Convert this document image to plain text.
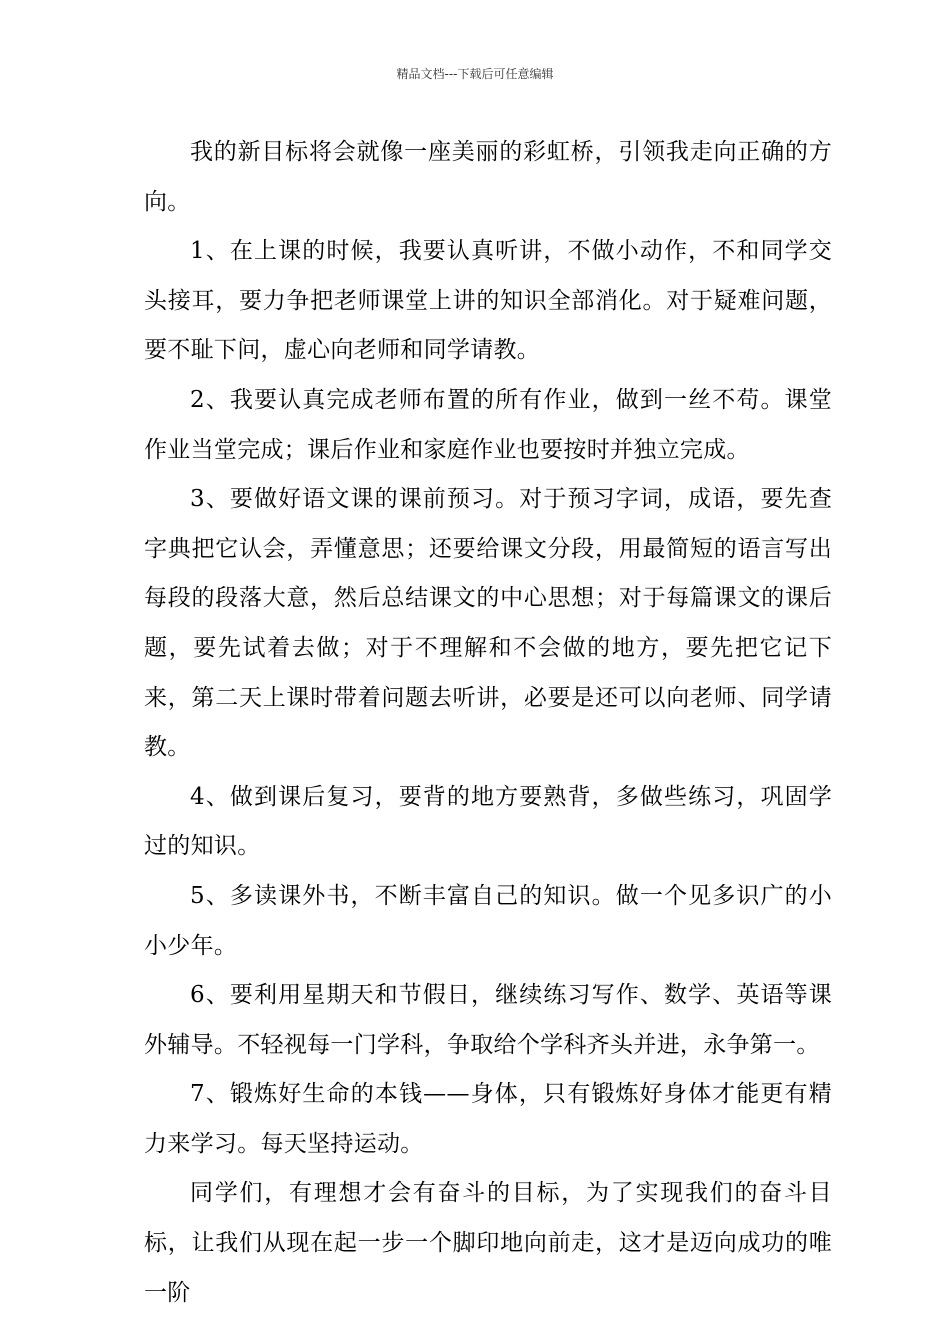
精品文档---下载后可任意编辑

我的新目标将会就像一座美丽的彩虹桥，引领我走向正确的方向。

1、在上课的时候，我要认真听讲，不做小动作，不和同学交头接耳，要力争把老师课堂上讲的知识全部消化。对于疑难问题，要不耻下问，虚心向老师和同学请教。

2、我要认真完成老师布置的所有作业，做到一丝不苟。课堂作业当堂完成；课后作业和家庭作业也要按时并独立完成。

3、要做好语文课的课前预习。对于预习字词，成语，要先查字典把它认会，弄懂意思；还要给课文分段，用最简短的语言写出每段的段落大意，然后总结课文的中心思想；对于每篇课文的课后题，要先试着去做；对于不理解和不会做的地方，要先把它记下来，第二天上课时带着问题去听讲，必要是还可以向老师、同学请教。

4、做到课后复习，要背的地方要熟背，多做些练习，巩固学过的知识。

5、多读课外书，不断丰富自己的知识。做一个见多识广的小小少年。

6、要利用星期天和节假日，继续练习写作、数学、英语等课外辅导。不轻视每一门学科，争取给个学科齐头并进，永争第一。

7、锻炼好生命的本钱——身体，只有锻炼好身体才能更有精力来学习。每天坚持运动。

同学们，有理想才会有奋斗的目标，为了实现我们的奋斗目标，让我们从现在起一步一个脚印地向前走，这才是迈向成功的唯一阶
